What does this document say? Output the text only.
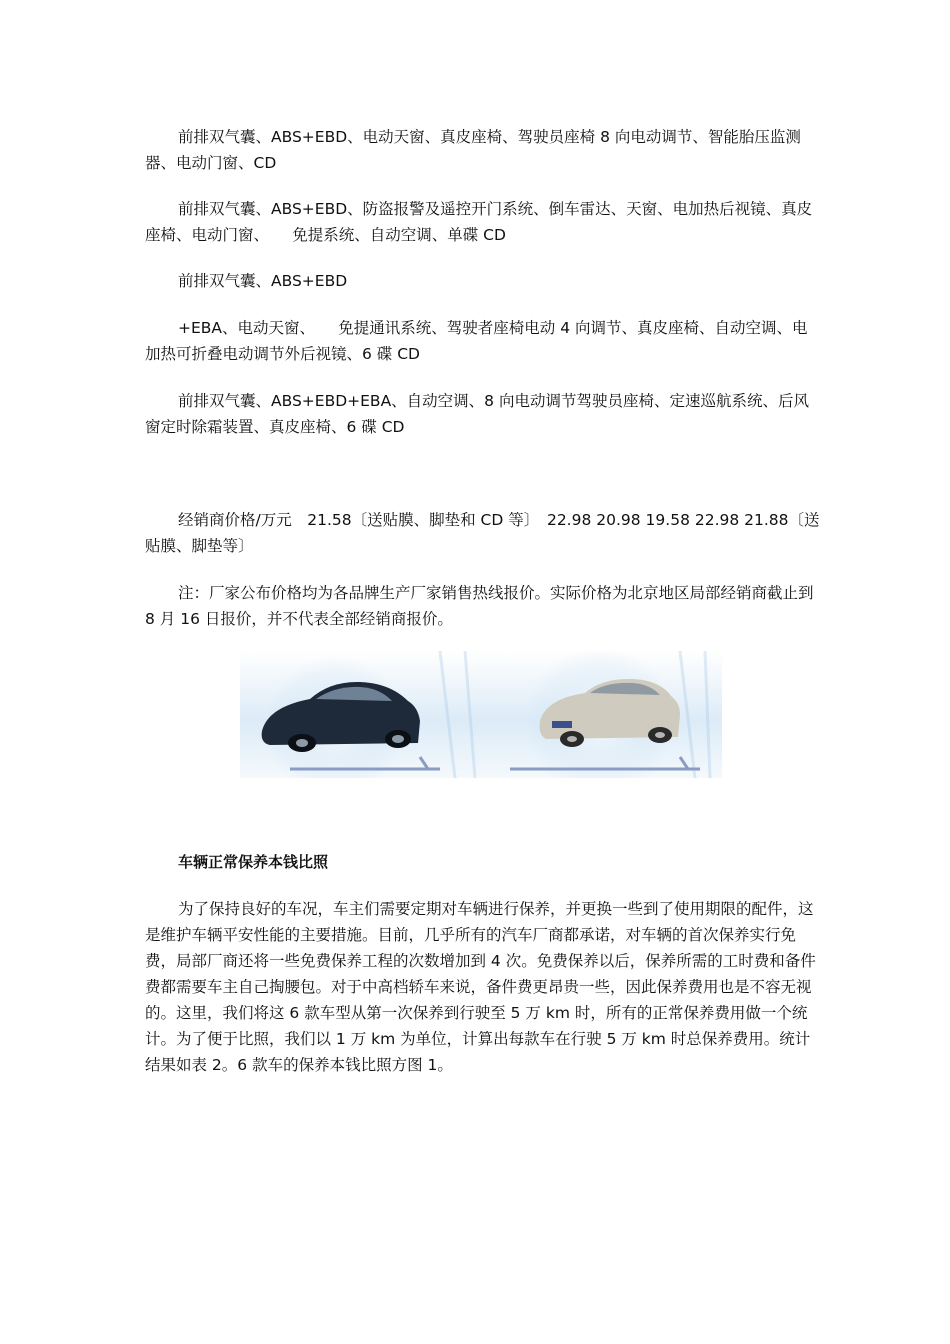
前排双气囊、ABS+EBD、电动天窗、真皮座椅、驾驶员座椅 8 向电动调节、智能胎压监测器、电动门窗、CD

前排双气囊、ABS+EBD、防盗报警及遥控开门系统、倒车雷达、天窗、电加热后视镜、真皮座椅、电动门窗、　　免提系统、自动空调、单碟 CD

前排双气囊、ABS+EBD

+EBA、电动天窗、　　免提通讯系统、驾驶者座椅电动 4 向调节、真皮座椅、自动空调、电加热可折叠电动调节外后视镜、6 碟 CD

前排双气囊、ABS+EBD+EBA、自动空调、8 向电动调节驾驶员座椅、定速巡航系统、后风窗定时除霜装置、真皮座椅、6 碟 CD

经销商价格/万元　21.58〔送贴膜、脚垫和 CD 等〕　22.98 20.98 19.58 22.98 21.88〔送贴膜、脚垫等〕

注：厂家公布价格均为各品牌生产厂家销售热线报价。实际价格为北京地区局部经销商截止到 8 月 16 日报价，并不代表全部经销商报价。

车辆正常保养本钱比照

为了保持良好的车况，车主们需要定期对车辆进行保养，并更换一些到了使用期限的配件，这是维护车辆平安性能的主要措施。目前，几乎所有的汽车厂商都承诺，对车辆的首次保养实行免费，局部厂商还将一些免费保养工程的次数增加到 4 次。免费保养以后，保养所需的工时费和备件费都需要车主自己掏腰包。对于中高档轿车来说，备件费更昂贵一些，因此保养费用也是不容无视的。这里，我们将这 6 款车型从第一次保养到行驶至 5 万 km 时，所有的正常保养费用做一个统计。为了便于比照，我们以 1 万 km 为单位，计算出每款车在行驶 5 万 km 时总保养费用。统计结果如表 2。6 款车的保养本钱比照方图 1。
